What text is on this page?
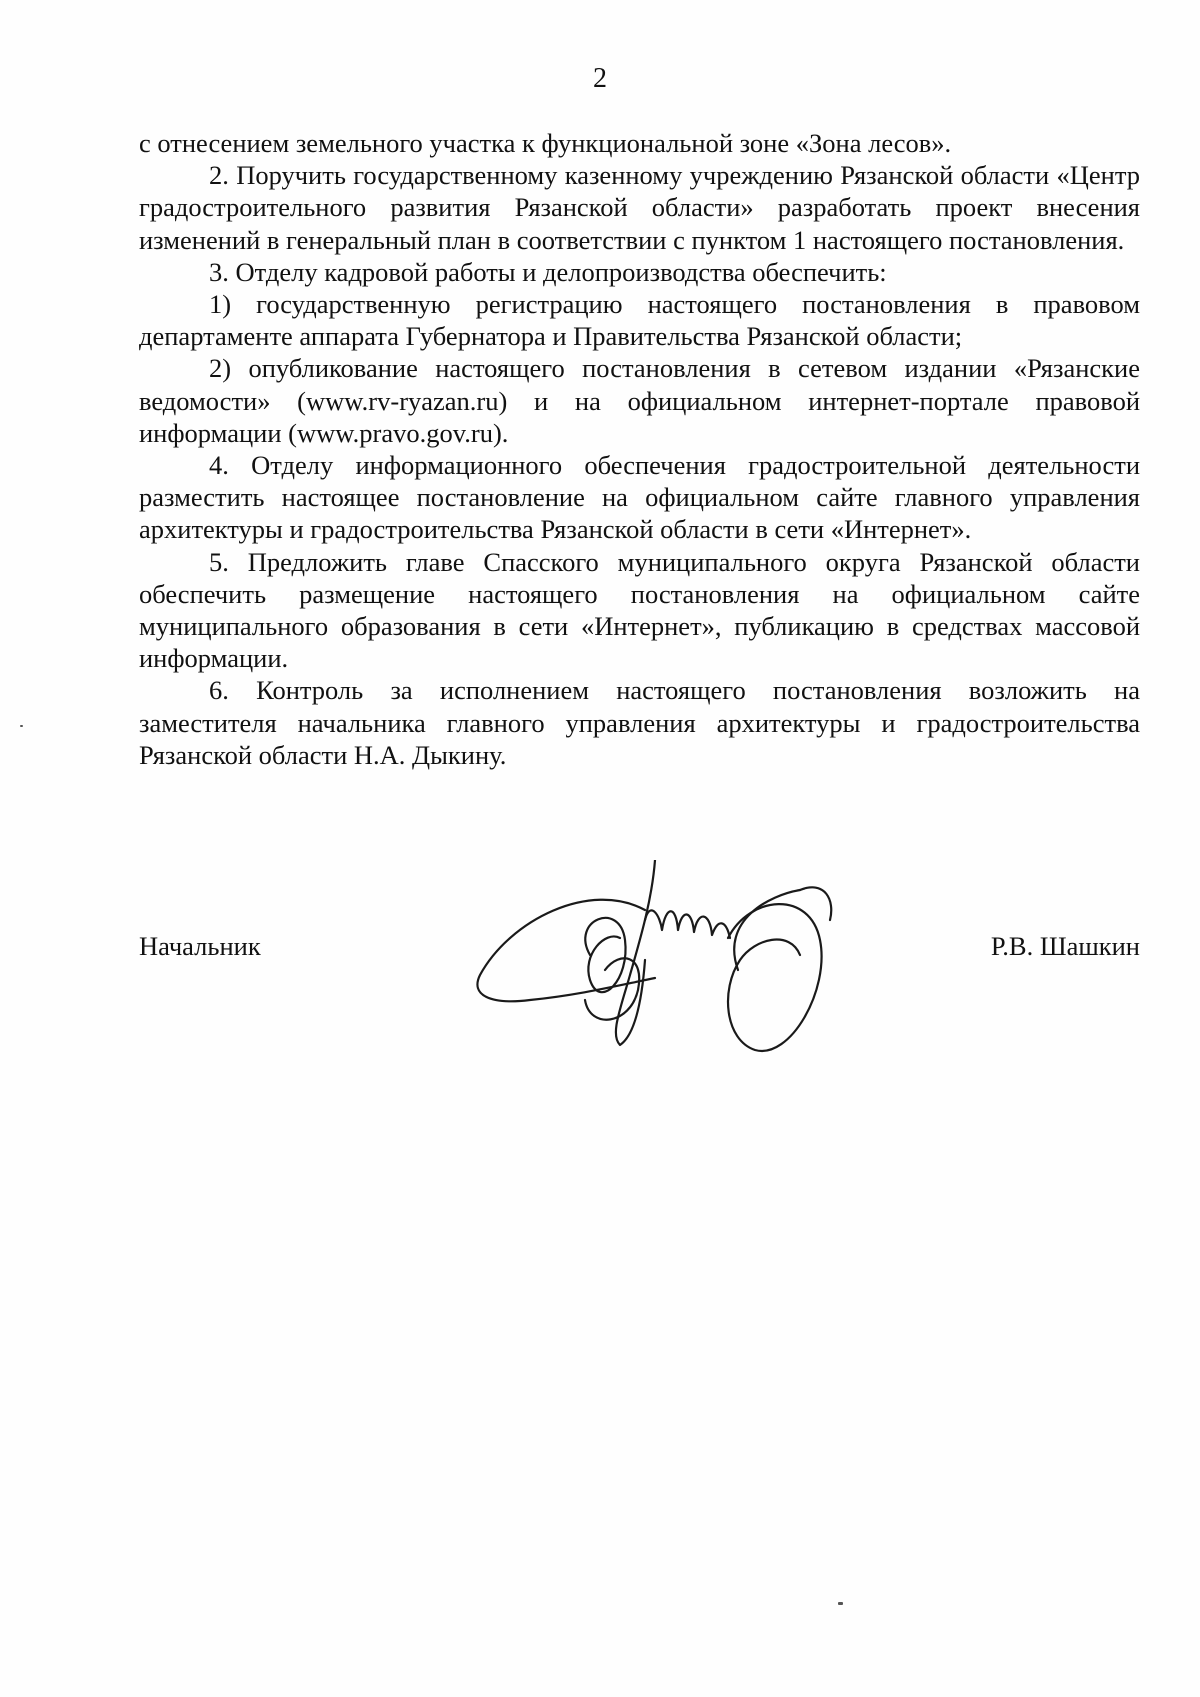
2

с отнесением земельного участка к функциональной зоне «Зона лесов».

2. Поручить государственному казенному учреждению Рязанской области «Центр градостроительного развития Рязанской области» разработать проект внесения изменений в генеральный план в соответствии с пунктом 1 настоящего постановления.

3. Отделу кадровой работы и делопроизводства обеспечить:

1) государственную регистрацию настоящего постановления в правовом департаменте аппарата Губернатора и Правительства Рязанской области;

2) опубликование настоящего постановления в сетевом издании «Рязанские ведомости» (www.rv-ryazan.ru) и на официальном интернет-портале правовой информации (www.pravo.gov.ru).

4. Отделу информационного обеспечения градостроительной деятельности разместить настоящее постановление на официальном сайте главного управления архитектуры и градостроительства Рязанской области в сети «Интернет».

5. Предложить главе Спасского муниципального округа Рязанской области обеспечить размещение настоящего постановления на официальном сайте муниципального образования в сети «Интернет», публикацию в средствах массовой информации.

6. Контроль за исполнением настоящего постановления возложить на заместителя начальника главного управления архитектуры и градостроительства Рязанской области Н.А. Дыкину.

Начальник	Р.В. Шашкин
